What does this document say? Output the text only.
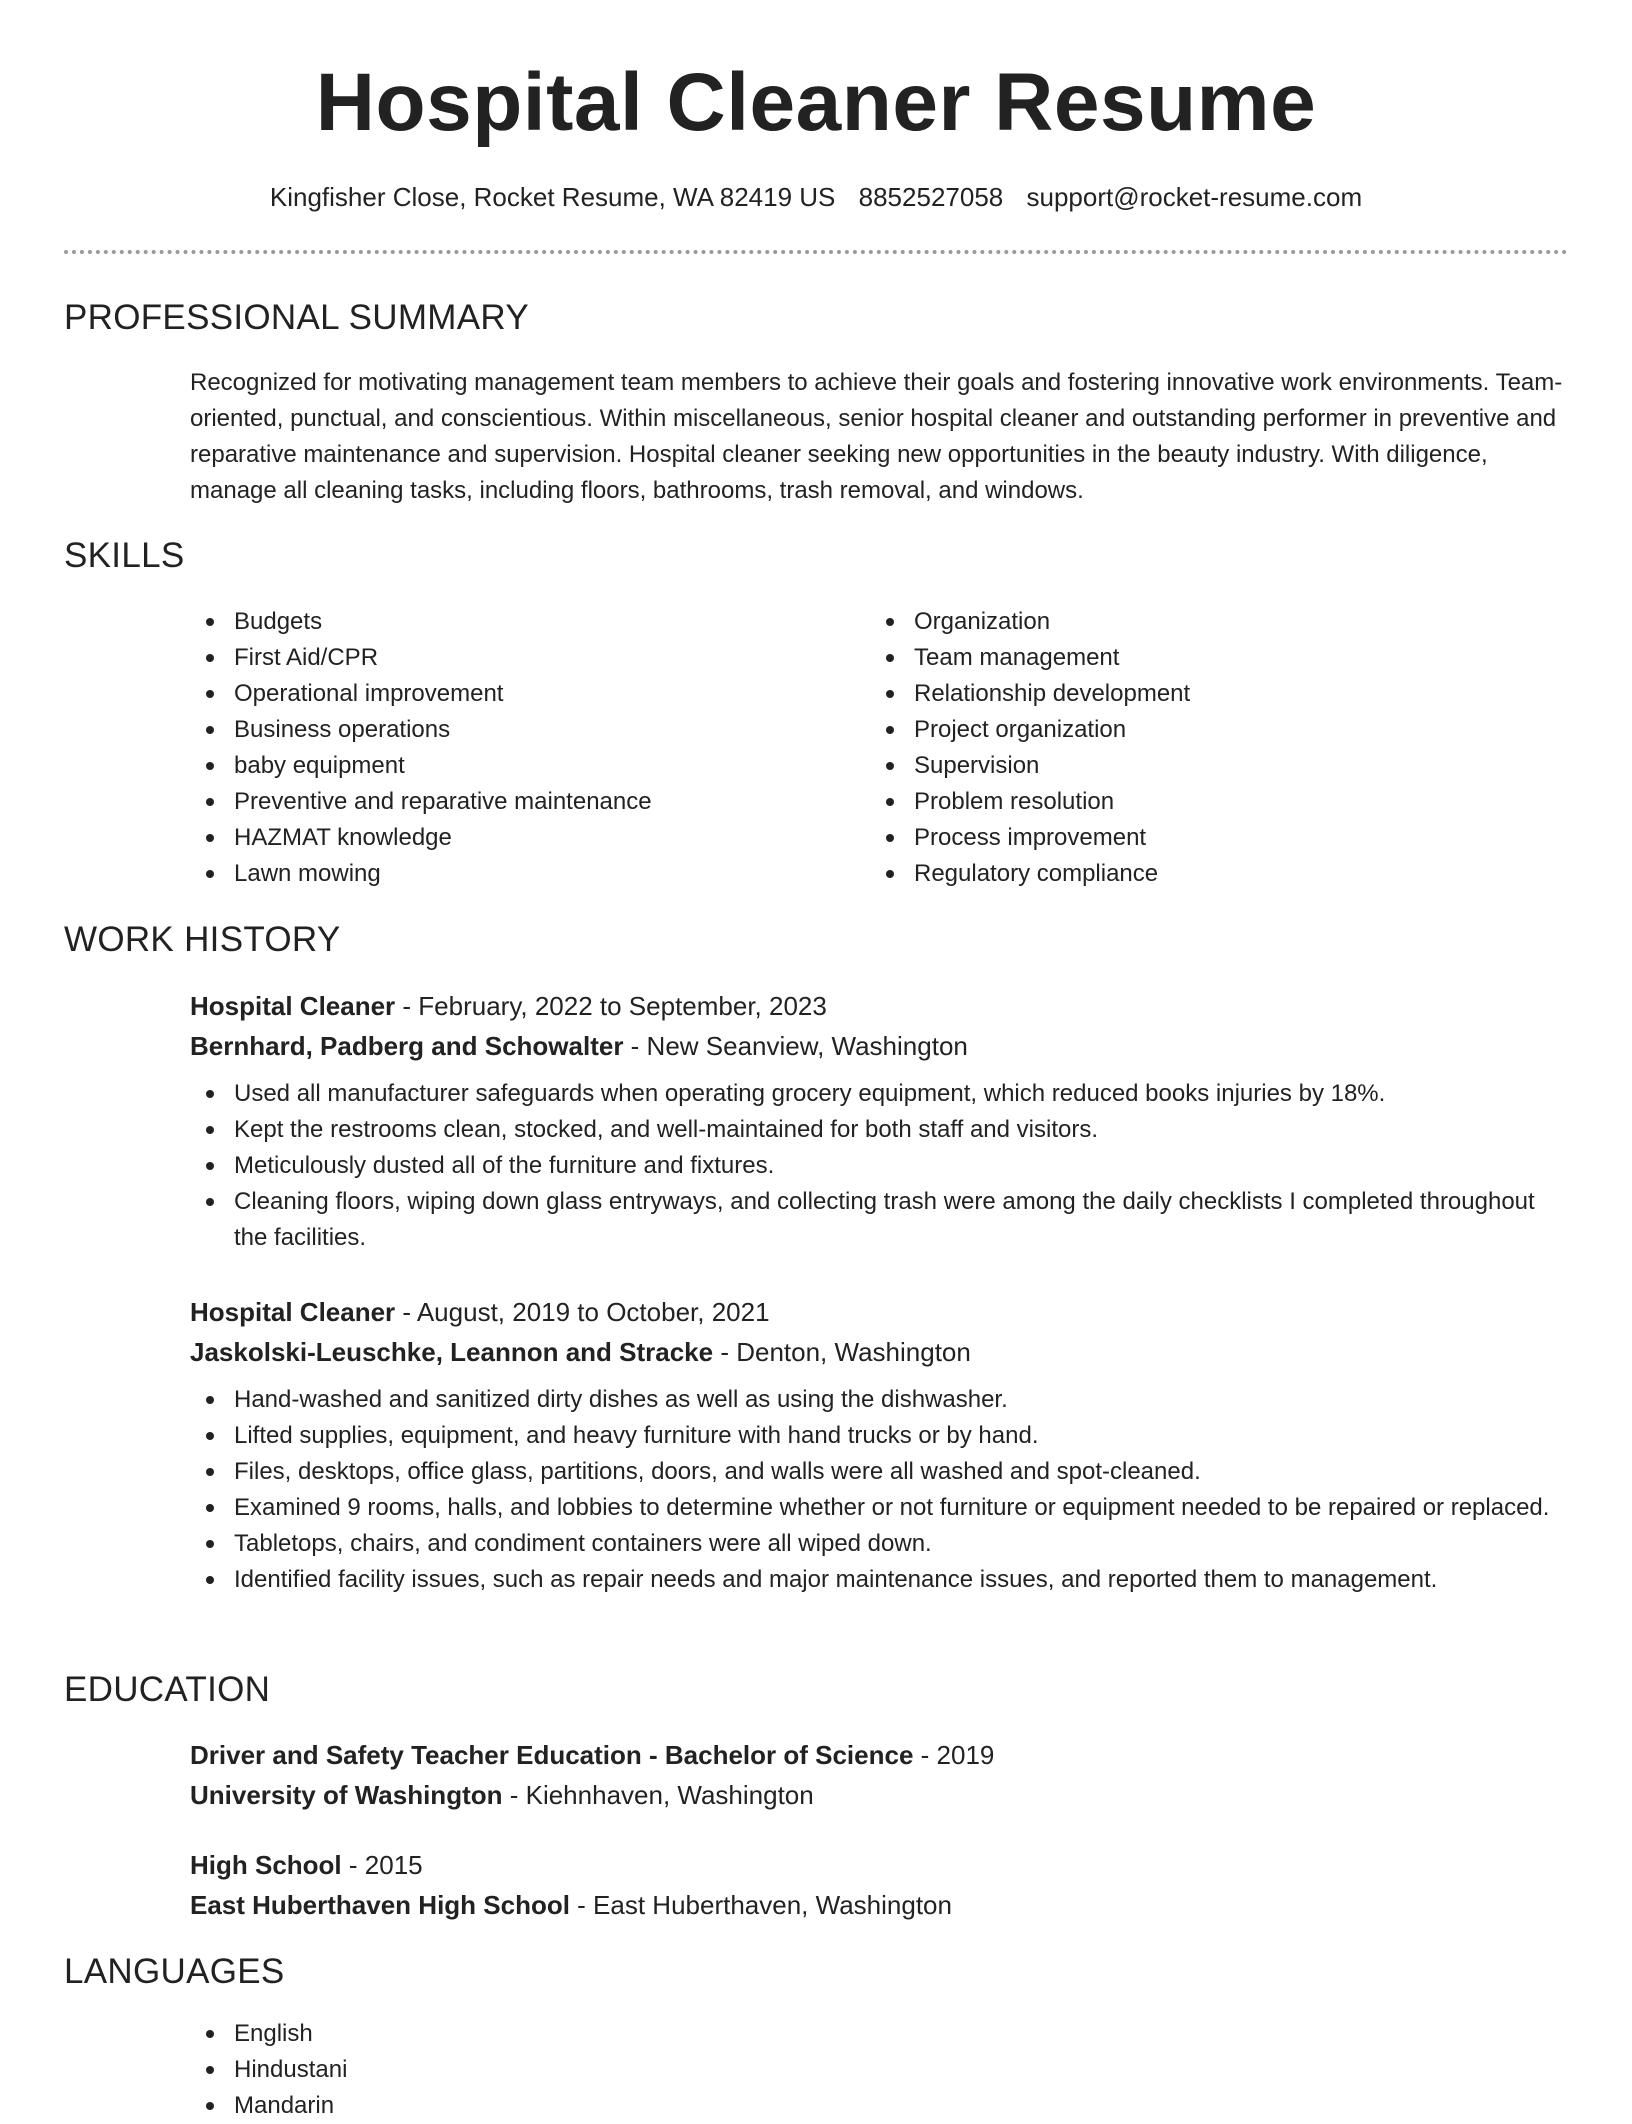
Hospital Cleaner Resume
Kingfisher Close, Rocket Resume, WA 82419 US 8852527058 support@rocket-resume.com
PROFESSIONAL SUMMARY
Recognized for motivating management team members to achieve their goals and fostering innovative work environments. Team-oriented, punctual, and conscientious. Within miscellaneous, senior hospital cleaner and outstanding performer in preventive and reparative maintenance and supervision. Hospital cleaner seeking new opportunities in the beauty industry. With diligence, manage all cleaning tasks, including floors, bathrooms, trash removal, and windows.
SKILLS
Budgets
First Aid/CPR
Operational improvement
Business operations
baby equipment
Preventive and reparative maintenance
HAZMAT knowledge
Lawn mowing
Organization
Team management
Relationship development
Project organization
Supervision
Problem resolution
Process improvement
Regulatory compliance
WORK HISTORY
Hospital Cleaner - February, 2022 to September, 2023
Bernhard, Padberg and Schowalter - New Seanview, Washington
Used all manufacturer safeguards when operating grocery equipment, which reduced books injuries by 18%.
Kept the restrooms clean, stocked, and well-maintained for both staff and visitors.
Meticulously dusted all of the furniture and fixtures.
Cleaning floors, wiping down glass entryways, and collecting trash were among the daily checklists I completed throughout the facilities.
Hospital Cleaner - August, 2019 to October, 2021
Jaskolski-Leuschke, Leannon and Stracke - Denton, Washington
Hand-washed and sanitized dirty dishes as well as using the dishwasher.
Lifted supplies, equipment, and heavy furniture with hand trucks or by hand.
Files, desktops, office glass, partitions, doors, and walls were all washed and spot-cleaned.
Examined 9 rooms, halls, and lobbies to determine whether or not furniture or equipment needed to be repaired or replaced.
Tabletops, chairs, and condiment containers were all wiped down.
Identified facility issues, such as repair needs and major maintenance issues, and reported them to management.
EDUCATION
Driver and Safety Teacher Education - Bachelor of Science - 2019
University of Washington - Kiehnhaven, Washington
High School - 2015
East Huberthaven High School - East Huberthaven, Washington
LANGUAGES
English
Hindustani
Mandarin
